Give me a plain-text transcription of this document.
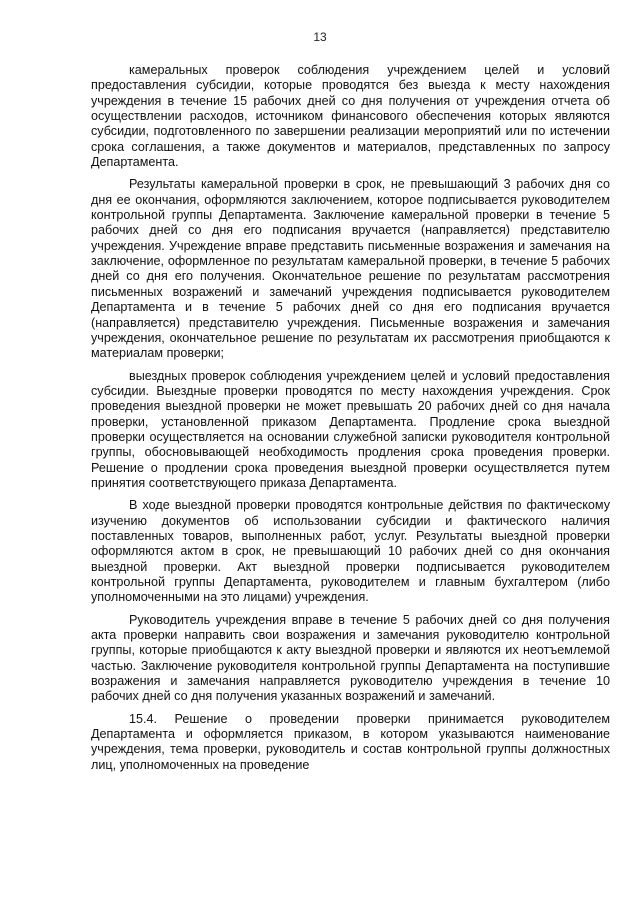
13

камеральных проверок соблюдения учреждением целей и условий предоставления субсидии, которые проводятся без выезда к месту нахождения учреждения в течение 15 рабочих дней со дня получения от учреждения отчета об осуществлении расходов, источником финансового обеспечения которых являются субсидии, подготовленного по завершении реализации мероприятий или по истечении срока соглашения, а также документов и материалов, представленных по запросу Департамента.

Результаты камеральной проверки в срок, не превышающий 3 рабочих дня со дня ее окончания, оформляются заключением, которое подписывается руководителем контрольной группы Департамента. Заключение камеральной проверки в течение 5 рабочих дней со дня его подписания вручается (направляется) представителю учреждения. Учреждение вправе представить письменные возражения и замечания на заключение, оформленное по результатам камеральной проверки, в течение 5 рабочих дней со дня его получения. Окончательное решение по результатам рассмотрения письменных возражений и замечаний учреждения подписывается руководителем Департамента и в течение 5 рабочих дней со дня его подписания вручается (направляется) представителю учреждения. Письменные возражения и замечания учреждения, окончательное решение по результатам их рассмотрения приобщаются к материалам проверки;

выездных проверок соблюдения учреждением целей и условий предоставления субсидии. Выездные проверки проводятся по месту нахождения учреждения. Срок проведения выездной проверки не может превышать 20 рабочих дней со дня начала проверки, установленной приказом Департамента. Продление срока выездной проверки осуществляется на основании служебной записки руководителя контрольной группы, обосновывающей необходимость продления срока проведения проверки. Решение о продлении срока проведения выездной проверки осуществляется путем принятия соответствующего приказа Департамента.

В ходе выездной проверки проводятся контрольные действия по фактическому изучению документов об использовании субсидии и фактического наличия поставленных товаров, выполненных работ, услуг. Результаты выездной проверки оформляются актом в срок, не превышающий 10 рабочих дней со дня окончания выездной проверки. Акт выездной проверки подписывается руководителем контрольной группы Департамента, руководителем и главным бухгалтером (либо уполномоченными на это лицами) учреждения.

Руководитель учреждения вправе в течение 5 рабочих дней со дня получения акта проверки направить свои возражения и замечания руководителю контрольной группы, которые приобщаются к акту выездной проверки и являются их неотъемлемой частью. Заключение руководителя контрольной группы Департамента на поступившие возражения и замечания направляется руководителю учреждения в течение 10 рабочих дней со дня получения указанных возражений и замечаний.

15.4. Решение о проведении проверки принимается руководителем Департамента и оформляется приказом, в котором указываются наименование учреждения, тема проверки, руководитель и состав контрольной группы должностных лиц, уполномоченных на проведение
